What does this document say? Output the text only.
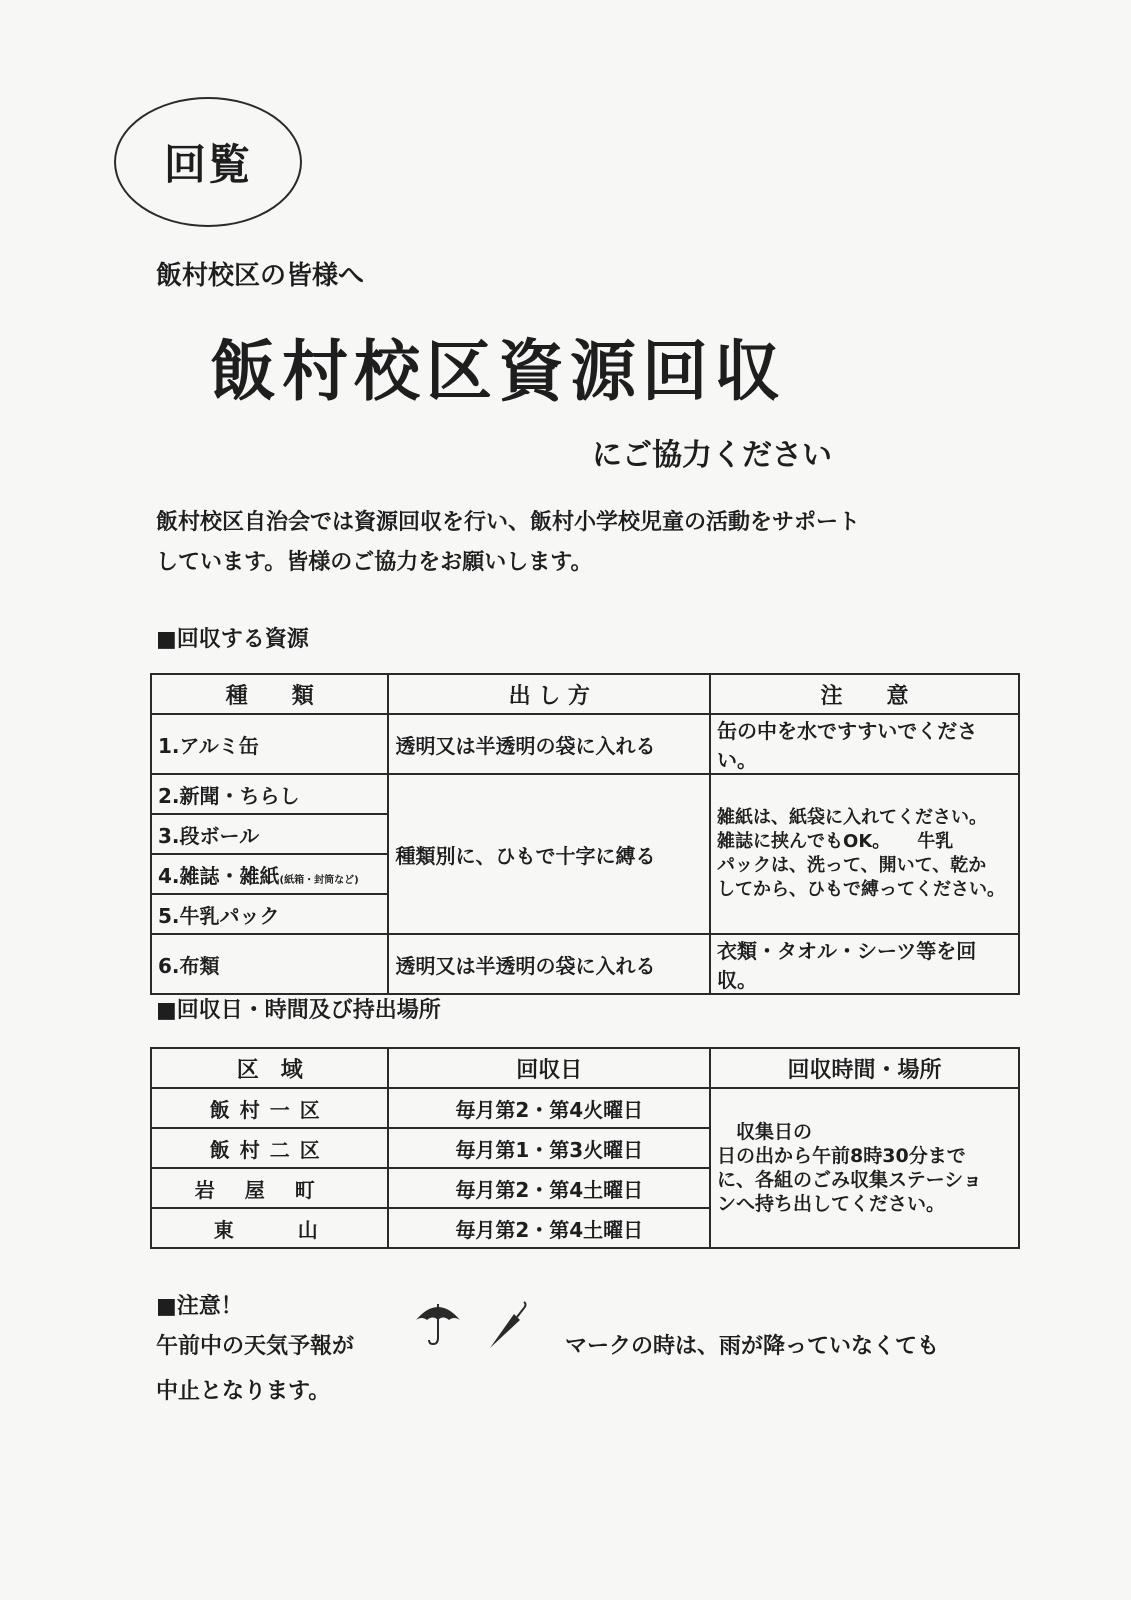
回覧
飯村校区の皆様へ
飯村校区資源回収
にご協力ください
飯村校区自治会では資源回収を行い、飯村小学校児童の活動をサポート
しています。皆様のご協力をお願いします。
■回収する資源
種　　類	出 し 方	注　　意
1.アルミ缶	透明又は半透明の袋に入れる	缶の中を水ですすいでください。
2.新聞・ちらし	種類別に、ひもで十字に縛る	雑紙は、紙袋に入れてください。
雑誌に挟んでもOK。　　牛乳
パックは、洗って、開いて、乾か
してから、ひもで縛ってください。

3.段ボール		
4.雑誌・雑紙(紙箱・封筒など)		
5.牛乳パック		
6.布類	透明又は半透明の袋に入れる	衣類・タオル・シーツ等を回収。
■回収日・時間及び持出場所
区　域	回収日	回収時間・場所
飯村一区	毎月第2・第4火曜日	　収集日の
日の出から午前8時30分まで
に、各組のごみ収集ステーショ
ンへ持ち出してください。

飯村二区	毎月第1・第3火曜日	
岩屋町	毎月第2・第4土曜日	
東　　山	毎月第2・第4土曜日	
■注意！
午前中の天気予報が	マークの時は、雨が降っていなくても
中止となります。
